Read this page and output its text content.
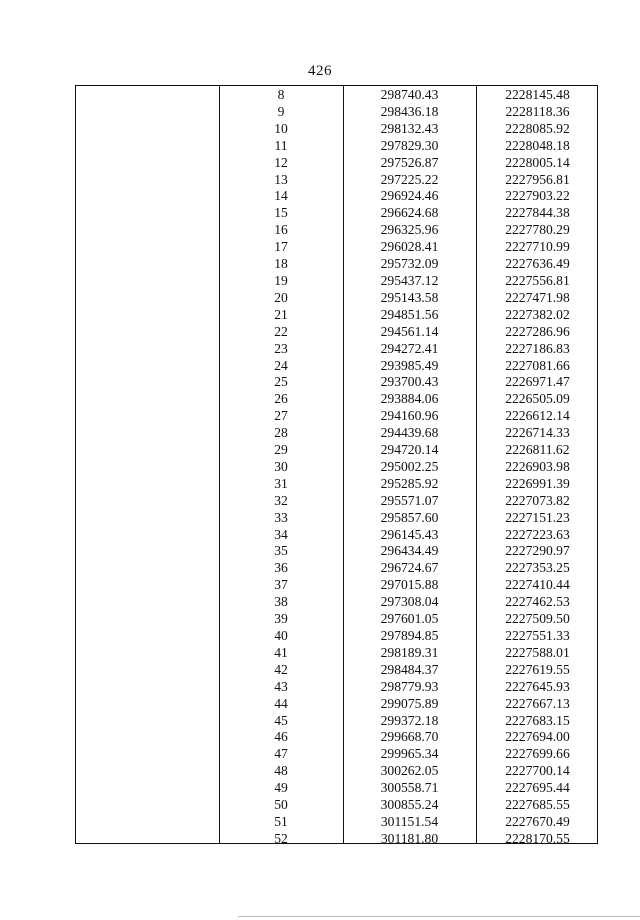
426
8	298740.43	2228145.48
9	298436.18	2228118.36
10	298132.43	2228085.92
11	297829.30	2228048.18
12	297526.87	2228005.14
13	297225.22	2227956.81
14	296924.46	2227903.22
15	296624.68	2227844.38
16	296325.96	2227780.29
17	296028.41	2227710.99
18	295732.09	2227636.49
19	295437.12	2227556.81
20	295143.58	2227471.98
21	294851.56	2227382.02
22	294561.14	2227286.96
23	294272.41	2227186.83
24	293985.49	2227081.66
25	293700.43	2226971.47
26	293884.06	2226505.09
27	294160.96	2226612.14
28	294439.68	2226714.33
29	294720.14	2226811.62
30	295002.25	2226903.98
31	295285.92	2226991.39
32	295571.07	2227073.82
33	295857.60	2227151.23
34	296145.43	2227223.63
35	296434.49	2227290.97
36	296724.67	2227353.25
37	297015.88	2227410.44
38	297308.04	2227462.53
39	297601.05	2227509.50
40	297894.85	2227551.33
41	298189.31	2227588.01
42	298484.37	2227619.55
43	298779.93	2227645.93
44	299075.89	2227667.13
45	299372.18	2227683.15
46	299668.70	2227694.00
47	299965.34	2227699.66
48	300262.05	2227700.14
49	300558.71	2227695.44
50	300855.24	2227685.55
51	301151.54	2227670.49
52	301181.80	2228170.55
